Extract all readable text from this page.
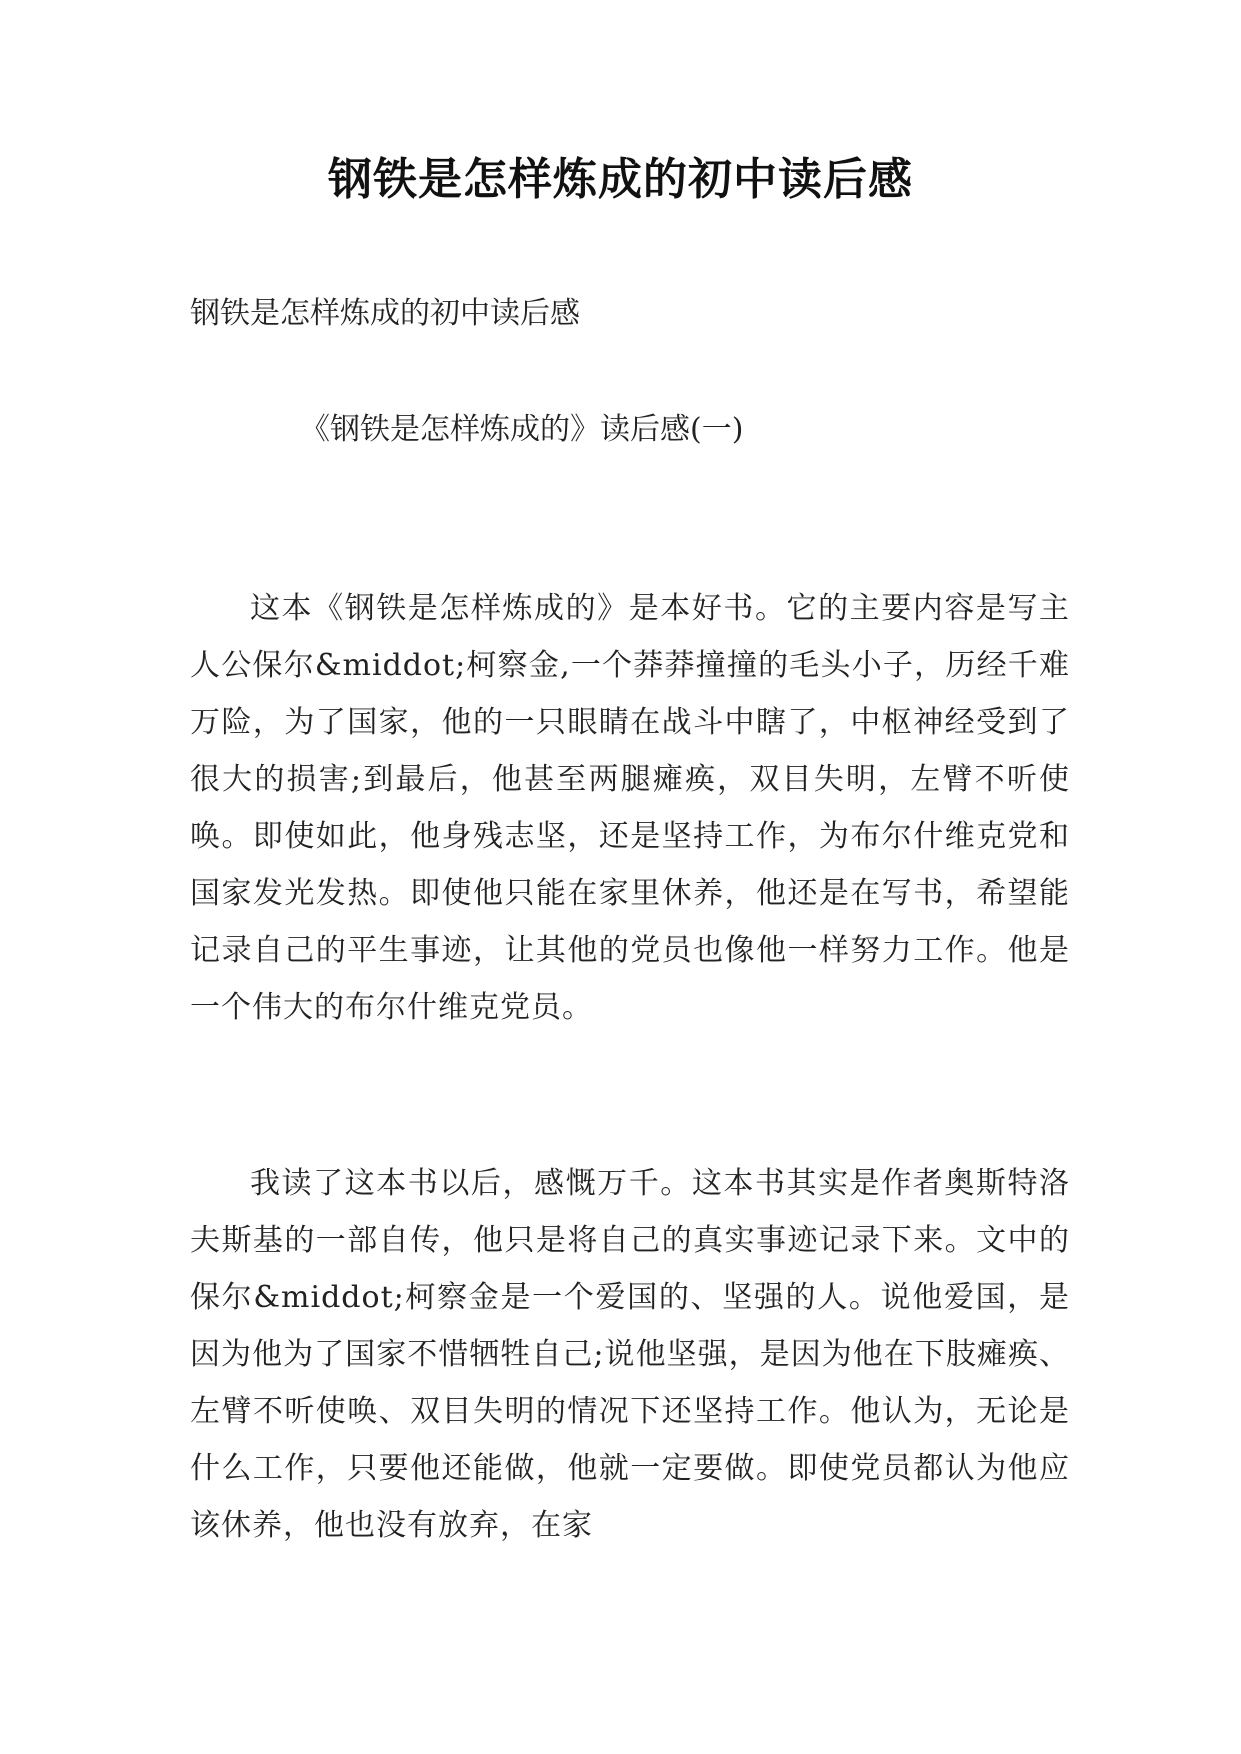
钢铁是怎样炼成的初中读后感
钢铁是怎样炼成的初中读后感
《钢铁是怎样炼成的》读后感(一)

这本《钢铁是怎样炼成的》是本好书。它的主要内容是写主人公保尔&middot;柯察金,一个莽莽撞撞的毛头小子，历经千难万险，为了国家，他的一只眼睛在战斗中瞎了，中枢神经受到了很大的损害;到最后，他甚至两腿瘫痪，双目失明，左臂不听使唤。即使如此，他身残志坚，还是坚持工作，为布尔什维克党和国家发光发热。即使他只能在家里休养，他还是在写书，希望能记录自己的平生事迹，让其他的党员也像他一样努力工作。他是一个伟大的布尔什维克党员。

我读了这本书以后，感慨万千。这本书其实是作者奥斯特洛夫斯基的一部自传，他只是将自己的真实事迹记录下来。文中的保尔&middot;柯察金是一个爱国的、坚强的人。说他爱国，是因为他为了国家不惜牺牲自己;说他坚强，是因为他在下肢瘫痪、左臂不听使唤、双目失明的情况下还坚持工作。他认为，无论是什么工作，只要他还能做，他就一定要做。即使党员都认为他应该休养，他也没有放弃，在家
